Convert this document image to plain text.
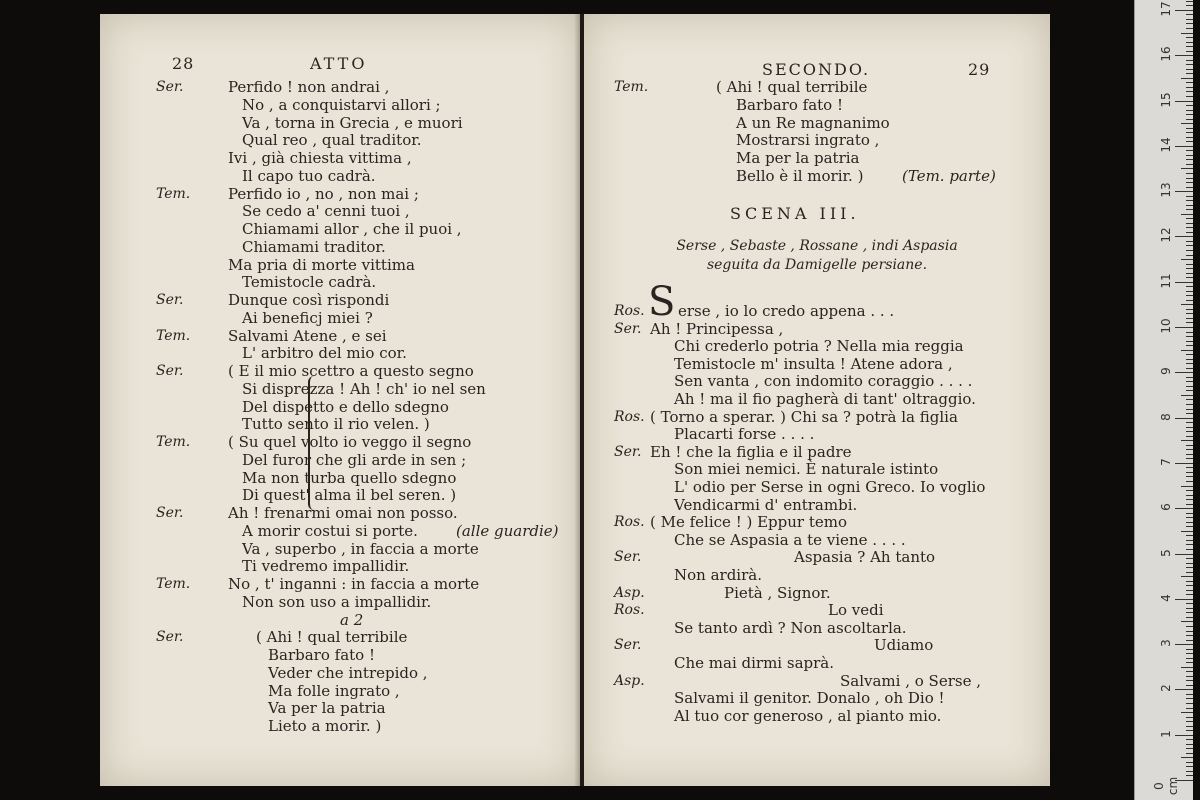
28	ATTO
Ser.	Perfido ! non andrai ,
No , a conquistarvi allori ;
Va , torna in Grecia , e muori
Qual reo , qual traditor.
Ivi , già chiesta vittima ,
Il capo tuo cadrà.
Tem.	Perfido io , no , non mai ;
Se cedo a' cenni tuoi ,
Chiamami allor , che il puoi ,
Chiamami traditor.
Ma pria di morte vittima
Temistocle cadrà.
Ser.	Dunque così rispondi
Ai beneficj miei ?
Tem.	Salvami Atene , e sei
L' arbitro del mio cor.
Ser.	( E il mio scettro a questo segno
Si disprezza ! Ah ! ch' io nel sen
Del dispetto e dello sdegno
Tutto sento il rio velen. )
Tem.	( Su quel volto io veggo il segno
Del furor che gli arde in sen ;
Ma non turba quello sdegno
Di quest' alma il bel seren. )
Ser.	Ah ! frenarmi omai non posso.
A morir costui si porte.	(alle guardie)
Va , superbo , in faccia a morte
Ti vedremo impallidir.
Tem.	No , t' inganni : in faccia a morte
Non son uso a impallidir.
a 2
Ser.	( Ahi ! qual terribile
Barbaro fato !
Veder che intrepido ,
Ma folle ingrato ,
Va per la patria
Lieto a morir. )
SECONDO.	29
Tem.	( Ahi ! qual terribile
Barbaro fato !
A un Re magnanimo
Mostrarsi ingrato ,
Ma per la patria
Bello è il morir. )	(Tem. parte)
SCENA III.
Serse , Sebaste , Rossane , indi Aspasia
seguita da Damigelle persiane.
S
Ros. erse , io lo credo appena . . .
Ser. Ah ! Principessa ,
Chi crederlo potria ? Nella mia reggia
Temistocle m' insulta ! Atene adora ,
Sen vanta , con indomito coraggio . . . .
Ah ! ma il fio pagherà di tant' oltraggio.
Ros. ( Torno a sperar. ) Chi sa ? potrà la figlia
Placarti forse . . . .
Ser. Eh ! che la figlia e il padre
Son miei nemici. È naturale istinto
L' odio per Serse in ogni Greco. Io voglio
Vendicarmi d' entrambi.
Ros. ( Me felice ! ) Eppur temo
Che se Aspasia a te viene . . . .
Ser.	Aspasia ? Ah tanto
Non ardirà.
Asp.	Pietà , Signor.
Ros.	Lo vedi
Se tanto ardì ? Non ascoltarla.
Ser.	Udiamo
Che mai dirmi saprà.
Asp.	Salvami , o Serse ,
Salvami il genitor. Donalo , oh Dio !
Al tuo cor generoso , al pianto mio.
0 cm
1
2
3
4
5
6
7
8
9
10
11
12
13
14
15
16
17
